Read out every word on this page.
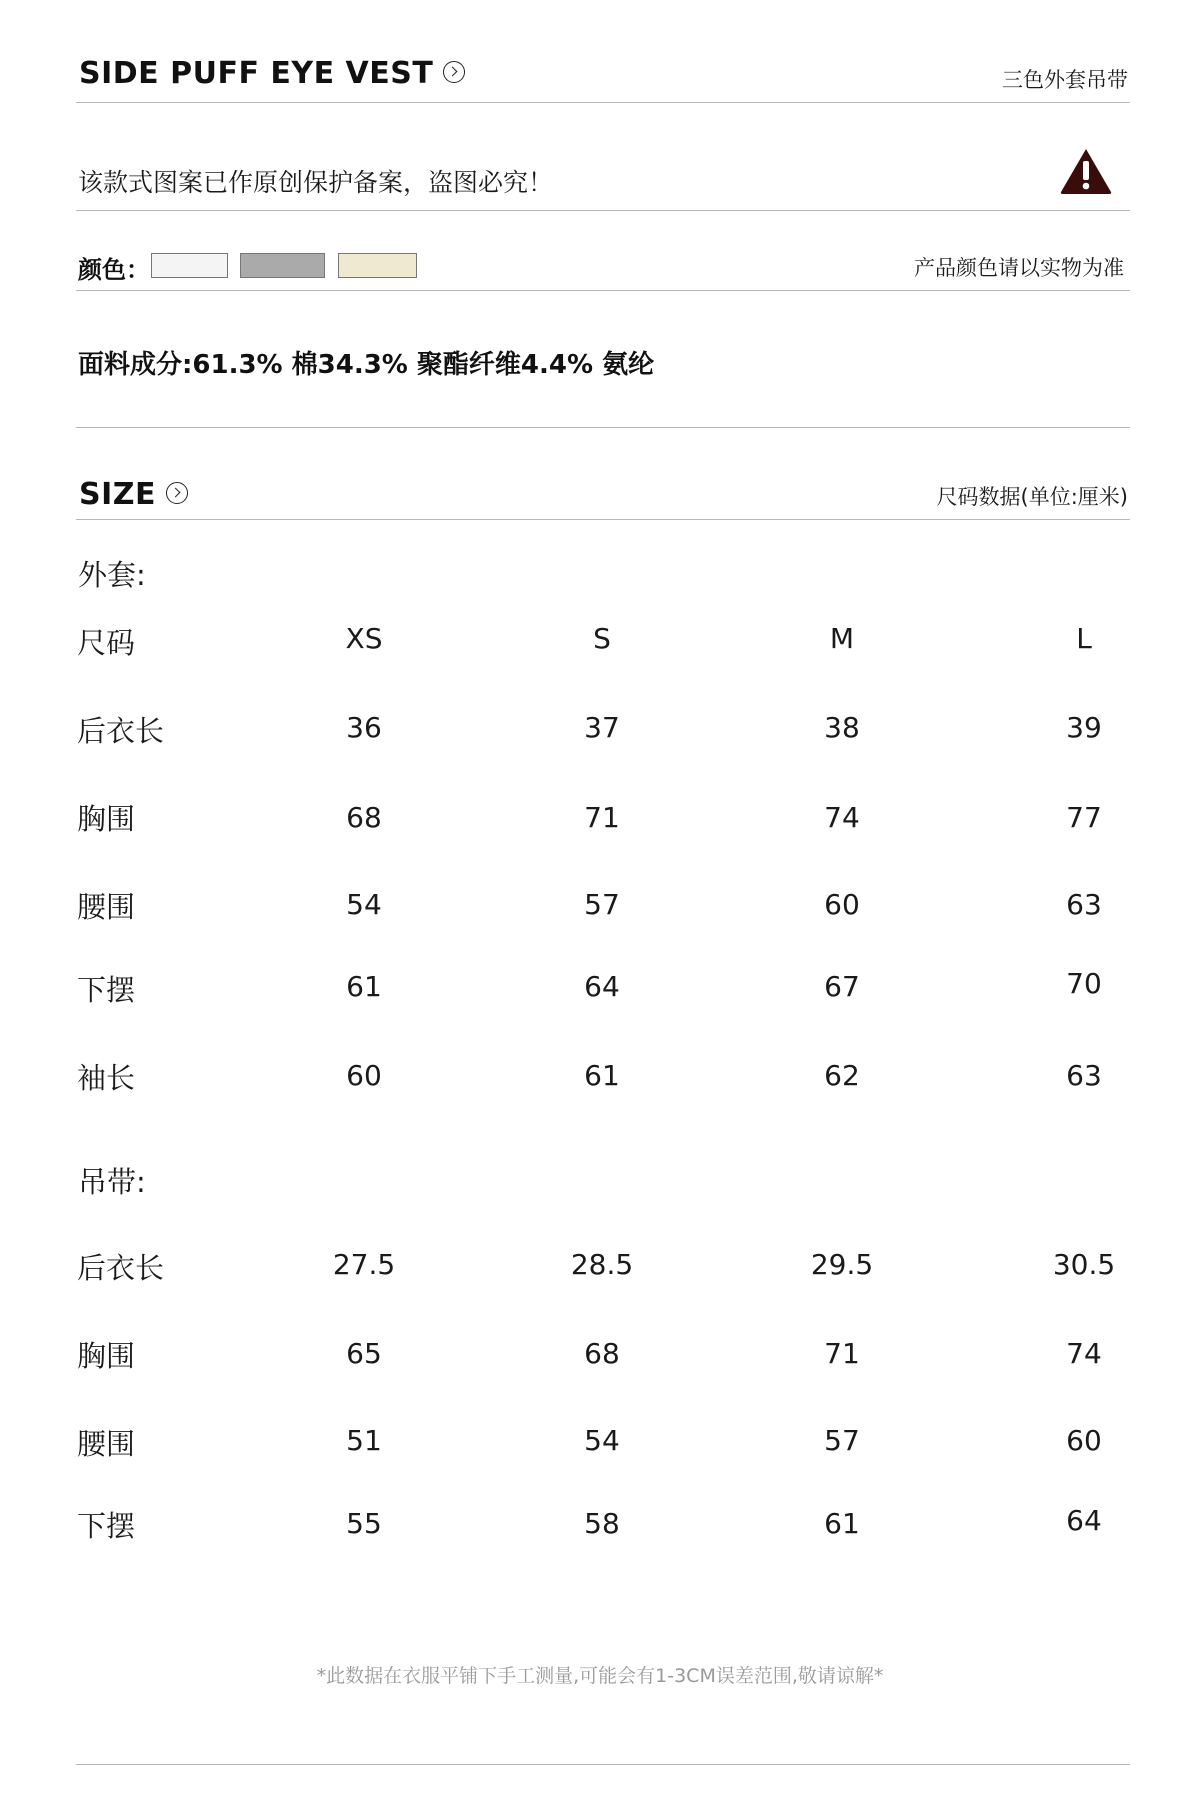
SIDE PUFF EYE VEST	三色外套吊带
该款式图案已作原创保护备案，盗图必究！
颜色：	产品颜色请以实物为准
面料成分:61.3% 棉34.3% 聚酯纤维4.4% 氨纶
SIZE	尺码数据(单位:厘米)
外套:
尺码	XS	S	M	L
后衣长	36	37	38	39
胸围	68	71	74	77
腰围	54	57	60	63
下摆	61	64	67	70
袖长	60	61	62	63
吊带:
后衣长	27.5	28.5	29.5	30.5
胸围	65	68	71	74
腰围	51	54	57	60
下摆	55	58	61	64
*此数据在衣服平铺下手工测量,可能会有1-3CM误差范围,敬请谅解*
